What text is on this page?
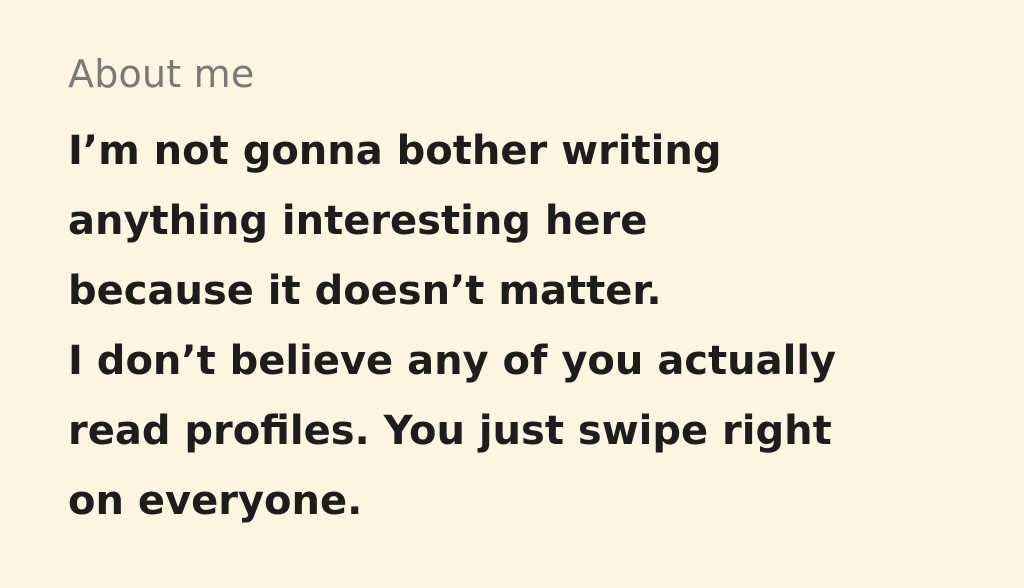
About me
I’m not gonna bother writing
anything interesting here
because it doesn’t matter.
I don’t believe any of you actually
read profiles. You just swipe right
on everyone.
